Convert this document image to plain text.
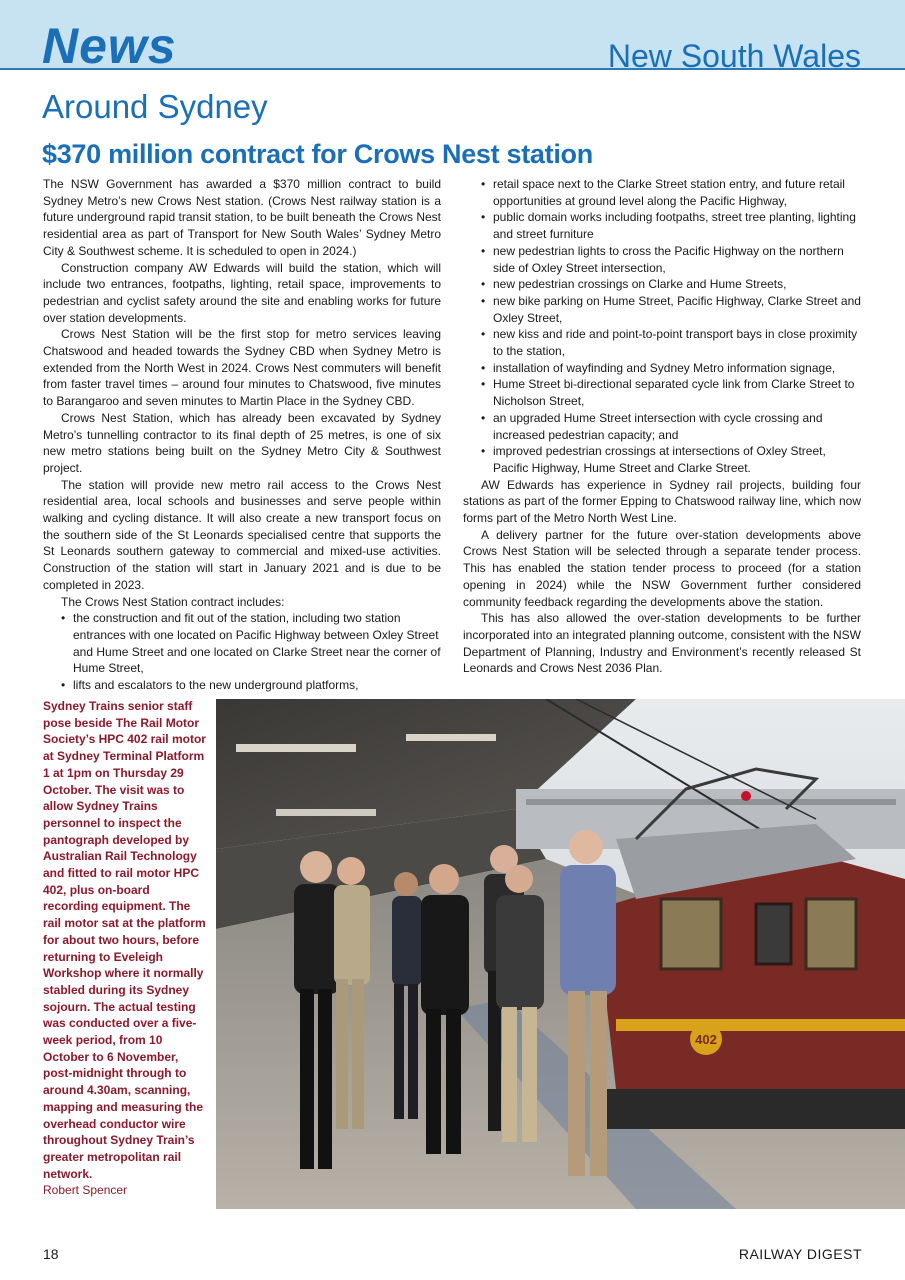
News	New South Wales
Around Sydney
$370 million contract for Crows Nest station

The NSW Government has awarded a $370 million contract to build Sydney Metro’s new Crows Nest station. (Crows Nest railway station is a future underground rapid transit station, to be built beneath the Crows Nest residential area as part of Transport for New South Wales’ Sydney Metro City & Southwest scheme. It is scheduled to open in 2024.)

Construction company AW Edwards will build the station, which will include two entrances, footpaths, lighting, retail space, improvements to pedestrian and cyclist safety around the site and enabling works for future over station developments.

Crows Nest Station will be the first stop for metro services leaving Chatswood and headed towards the Sydney CBD when Sydney Metro is extended from the North West in 2024. Crows Nest commuters will benefit from faster travel times – around four minutes to Chatswood, five minutes to Barangaroo and seven minutes to Martin Place in the Sydney CBD.

Crows Nest Station, which has already been excavated by Sydney Metro’s tunnelling contractor to its final depth of 25 metres, is one of six new metro stations being built on the Sydney Metro City & Southwest project.

The station will provide new metro rail access to the Crows Nest residential area, local schools and businesses and serve people within walking and cycling distance. It will also create a new transport focus on the southern side of the St Leonards specialised centre that supports the St Leonards southern gateway to commercial and mixed-use activities. Construction of the station will start in January 2021 and is due to be completed in 2023.

The Crows Nest Station contract includes:

• the construction and fit out of the station, including two station entrances with one located on Pacific Highway between Oxley Street and Hume Street and one located on Clarke Street near the corner of Hume Street,
• lifts and escalators to the new underground platforms,
• retail space next to the Clarke Street station entry, and future retail opportunities at ground level along the Pacific Highway,
• public domain works including footpaths, street tree planting, lighting and street furniture
• new pedestrian lights to cross the Pacific Highway on the northern side of Oxley Street intersection,
• new pedestrian crossings on Clarke and Hume Streets,
• new bike parking on Hume Street, Pacific Highway, Clarke Street and Oxley Street,
• new kiss and ride and point-to-point transport bays in close proximity to the station,
• installation of wayfinding and Sydney Metro information signage,
• Hume Street bi-directional separated cycle link from Clarke Street to Nicholson Street,
• an upgraded Hume Street intersection with cycle crossing and increased pedestrian capacity; and
• improved pedestrian crossings at intersections of Oxley Street, Pacific Highway, Hume Street and Clarke Street.

AW Edwards has experience in Sydney rail projects, building four stations as part of the former Epping to Chatswood railway line, which now forms part of the Metro North West Line.

A delivery partner for the future over-station developments above Crows Nest Station will be selected through a separate tender process. This has enabled the station tender process to proceed (for a station opening in 2024) while the NSW Government further considered community feedback regarding the developments above the station.

This has also allowed the over-station developments to be further incorporated into an integrated planning outcome, consistent with the NSW Department of Planning, Industry and Environment’s recently released St Leonards and Crows Nest 2036 Plan.

Sydney Trains senior staff pose beside The Rail Motor Society’s HPC 402 rail motor at Sydney Terminal Platform 1 at 1pm on Thursday 29 October. The visit was to allow Sydney Trains personnel to inspect the pantograph developed by Australian Rail Technology and fitted to rail motor HPC 402, plus on-board recording equipment. The rail motor sat at the platform for about two hours, before returning to Eveleigh Workshop where it normally stabled during its Sydney sojourn. The actual testing was conducted over a five-week period, from 10 October to 6 November, post-midnight through to around 4.30am, scanning, mapping and measuring the overhead conductor wire throughout Sydney Train’s greater metropolitan rail network.
Robert Spencer
402
18	RAILWAY DIGEST
